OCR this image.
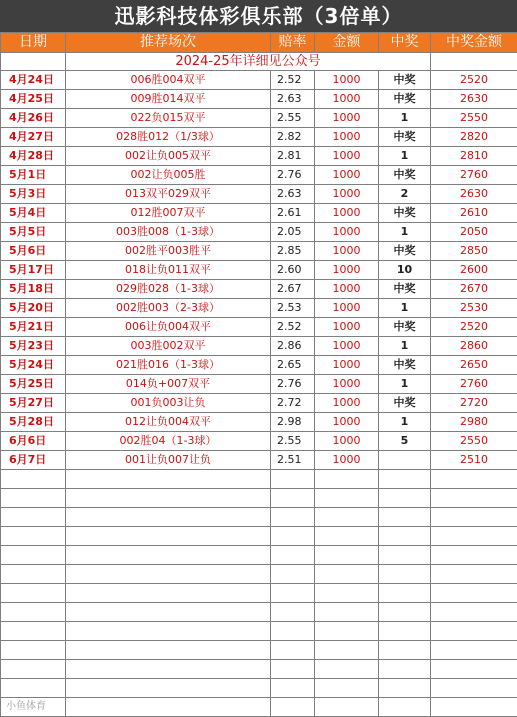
迅影科技体彩俱乐部（3倍单）
日期	推荐场次	赔率	金额	中奖	中奖金额
	2024-25年详细见公众号				
4月24日	006胜004双平	2.52	1000	中奖	2520
4月25日	009胜014双平	2.63	1000	中奖	2630
4月26日	022负015双平	2.55	1000	1	2550
4月27日	028胜012（1/3球）	2.82	1000	中奖	2820
4月28日	002让负005双平	2.81	1000	1	2810
5月1日	002让负005胜	2.76	1000	中奖	2760
5月3日	013双平029双平	2.63	1000	2	2630
5月4日	012胜007双平	2.61	1000	中奖	2610
5月5日	003胜008（1-3球）	2.05	1000	1	2050
5月6日	002胜平003胜平	2.85	1000	中奖	2850
5月17日	018让负011双平	2.60	1000	10	2600
5月18日	029胜028（1-3球）	2.67	1000	中奖	2670
5月20日	002胜003（2-3球）	2.53	1000	1	2530
5月21日	006让负004双平	2.52	1000	中奖	2520
5月23日	003胜002双平	2.86	1000	1	2860
5月24日	021胜016（1-3球）	2.65	1000	中奖	2650
5月25日	014负+007双平	2.76	1000	1	2760
5月27日	001负003让负	2.72	1000	中奖	2720
5月28日	012让负004双平	2.98	1000	1	2980
6月6日	002胜04（1-3球）	2.55	1000	5	2550
6月7日	001让负007让负	2.51	1000		2510

小鱼体育
